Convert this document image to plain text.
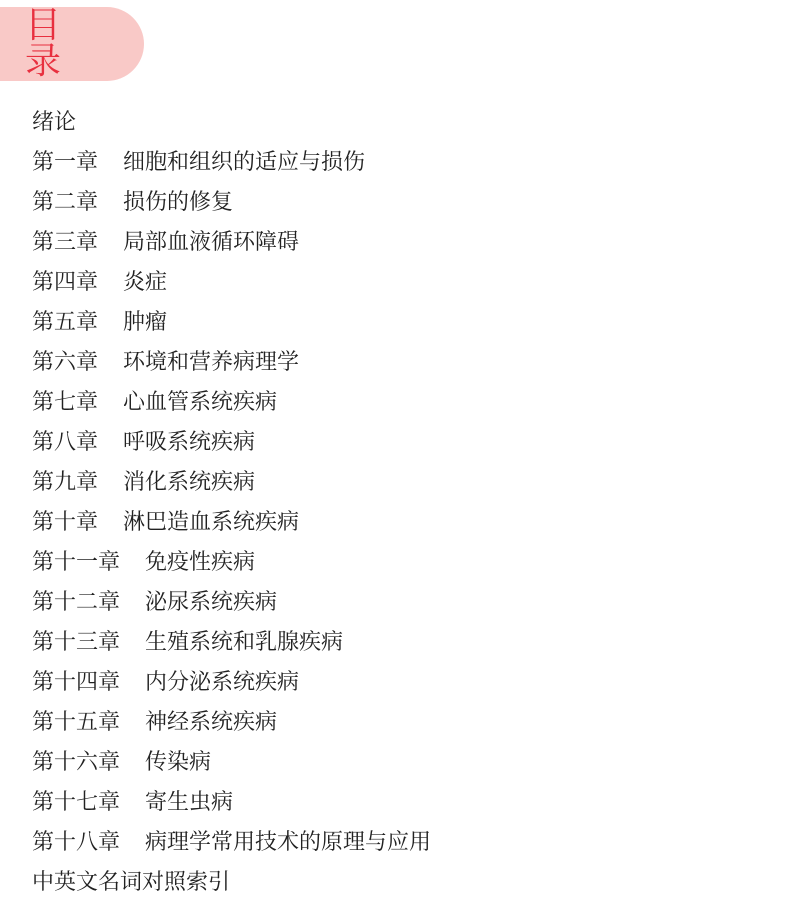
目 录
绪论
第一章 细胞和组织的适应与损伤
第二章 损伤的修复
第三章 局部血液循环障碍
第四章 炎症
第五章 肿瘤
第六章 环境和营养病理学
第七章 心血管系统疾病
第八章 呼吸系统疾病
第九章 消化系统疾病
第十章 淋巴造血系统疾病
第十一章 免疫性疾病
第十二章 泌尿系统疾病
第十三章 生殖系统和乳腺疾病
第十四章 内分泌系统疾病
第十五章 神经系统疾病
第十六章 传染病
第十七章 寄生虫病
第十八章 病理学常用技术的原理与应用
中英文名词对照索引
